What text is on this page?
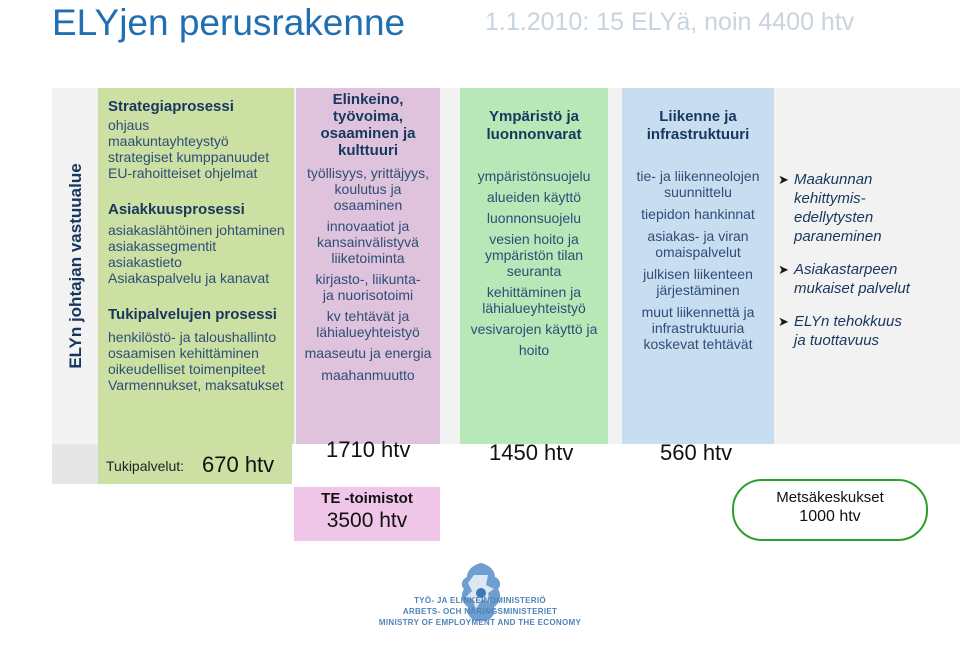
ELYjen perusrakenne	1.1.2010: 15 ELYä, noin 4400 htv
ELYn johtajan vastuualue
Strategiaprosessi
ohjaus
maakuntayhteystyö
strategiset kumppanuudet
EU-rahoitteiset ohjelmat
Asiakkuusprosessi
asiakaslähtöinen johtaminen
asiakassegmentit
asiakastieto
Asiakaspalvelu ja kanavat
Tukipalvelujen prosessi
henkilöstö- ja taloushallinto
osaamisen kehittäminen
oikeudelliset toimenpiteet
Varmennukset, maksatukset
Tukipalvelut: 670 htv
Elinkeino,
työvoima,
osaaminen ja
kulttuuri
työllisyys, yrittäjyys,
koulutus ja
osaaminen
innovaatiot ja
kansainvälistyvä
liiketoiminta
kirjasto-, liikunta-
ja nuorisotoimi
kv tehtävät ja
lähialueyhteistyö
maaseutu ja energia
maahanmuutto
1710 htv
TE -toimistot
3500 htv
Ympäristö ja
luonnonvarat
ympäristönsuojelu
alueiden käyttö
luonnonsuojelu
vesien hoito ja
ympäristön tilan
seuranta
kehittäminen ja
lähialueyhteistyö
vesivarojen käyttö ja
hoito
1450 htv
Liikenne ja
infrastruktuuri
tie- ja liikenneolojen
suunnittelu
tiepidon hankinnat
asiakas- ja viran
omaispalvelut
julkisen liikenteen
järjestäminen
muut liikennettä ja
infrastruktuuria
koskevat tehtävät
560 htv
➤ Maakunnan
kehittymis-
edellytysten
paraneminen
➤ Asiakastarpeen
mukaiset palvelut
➤ ELYn tehokkuus
ja tuottavuus
Metsäkeskukset
1000 htv
TYÖ- JA ELINKEINOMINISTERIÖ
ARBETS- OCH NÄRINGSMINISTERIET
MINISTRY OF EMPLOYMENT AND THE ECONOMY
